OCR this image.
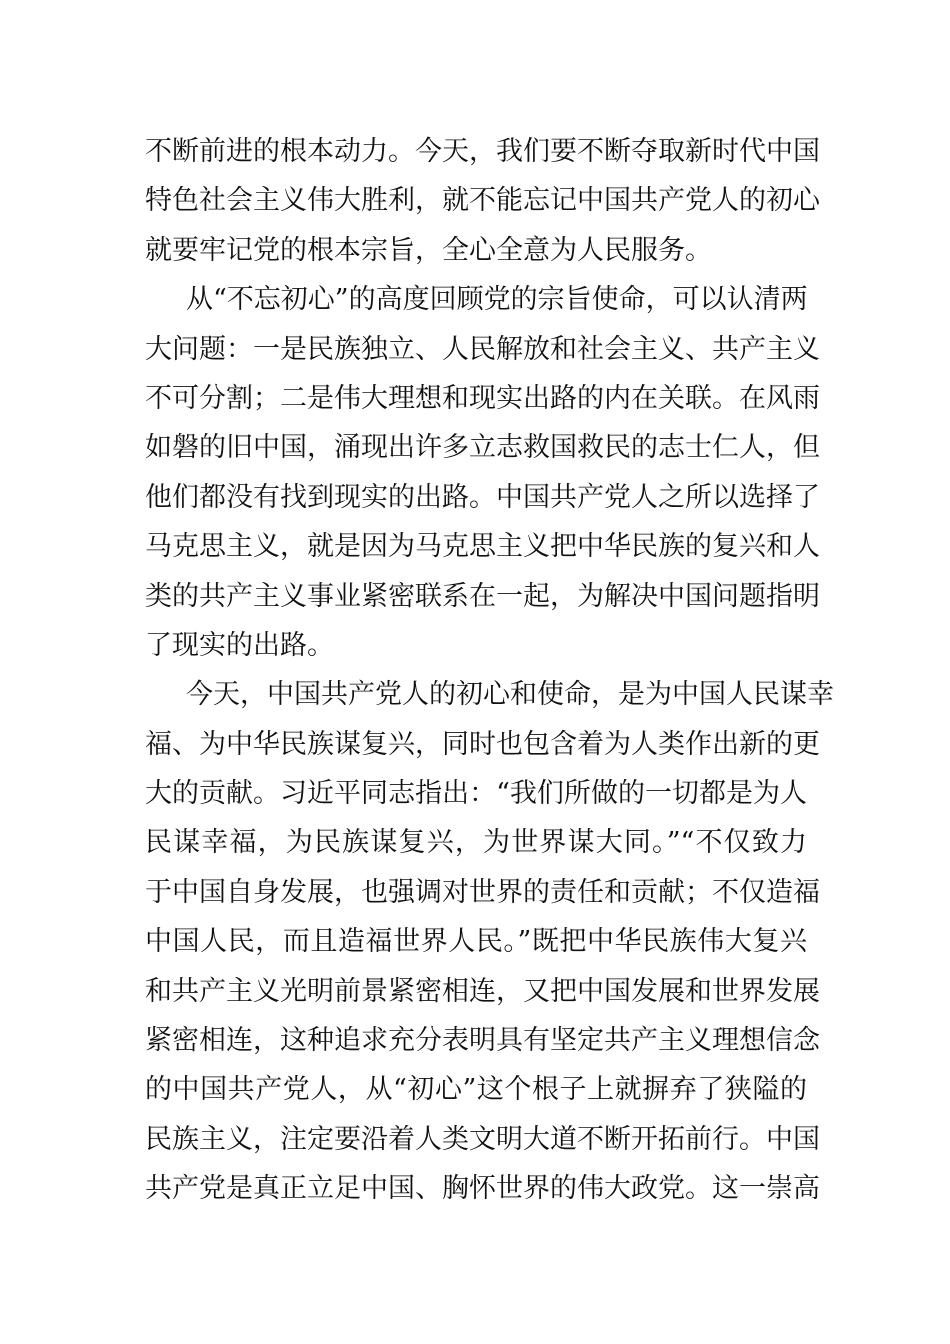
不断前进的根本动力。今天，我们要不断夺取新时代中国
特色社会主义伟大胜利，就不能忘记中国共产党人的初心
就要牢记党的根本宗旨，全心全意为人民服务。
从“不忘初心”的高度回顾党的宗旨使命，可以认清两
大问题：一是民族独立、人民解放和社会主义、共产主义
不可分割；二是伟大理想和现实出路的内在关联。在风雨
如磐的旧中国，涌现出许多立志救国救民的志士仁人，但
他们都没有找到现实的出路。中国共产党人之所以选择了
马克思主义，就是因为马克思主义把中华民族的复兴和人
类的共产主义事业紧密联系在一起，为解决中国问题指明
了现实的出路。
今天，中国共产党人的初心和使命，是为中国人民谋幸
福、为中华民族谋复兴，同时也包含着为人类作出新的更
大的贡献。习近平同志指出：“我们所做的一切都是为人
民谋幸福，为民族谋复兴，为世界谋大同。”“不仅致力
于中国自身发展，也强调对世界的责任和贡献；不仅造福
中国人民，而且造福世界人民。”既把中华民族伟大复兴
和共产主义光明前景紧密相连，又把中国发展和世界发展
紧密相连，这种追求充分表明具有坚定共产主义理想信念
的中国共产党人，从“初心”这个根子上就摒弃了狭隘的
民族主义，注定要沿着人类文明大道不断开拓前行。中国
共产党是真正立足中国、胸怀世界的伟大政党。这一崇高
